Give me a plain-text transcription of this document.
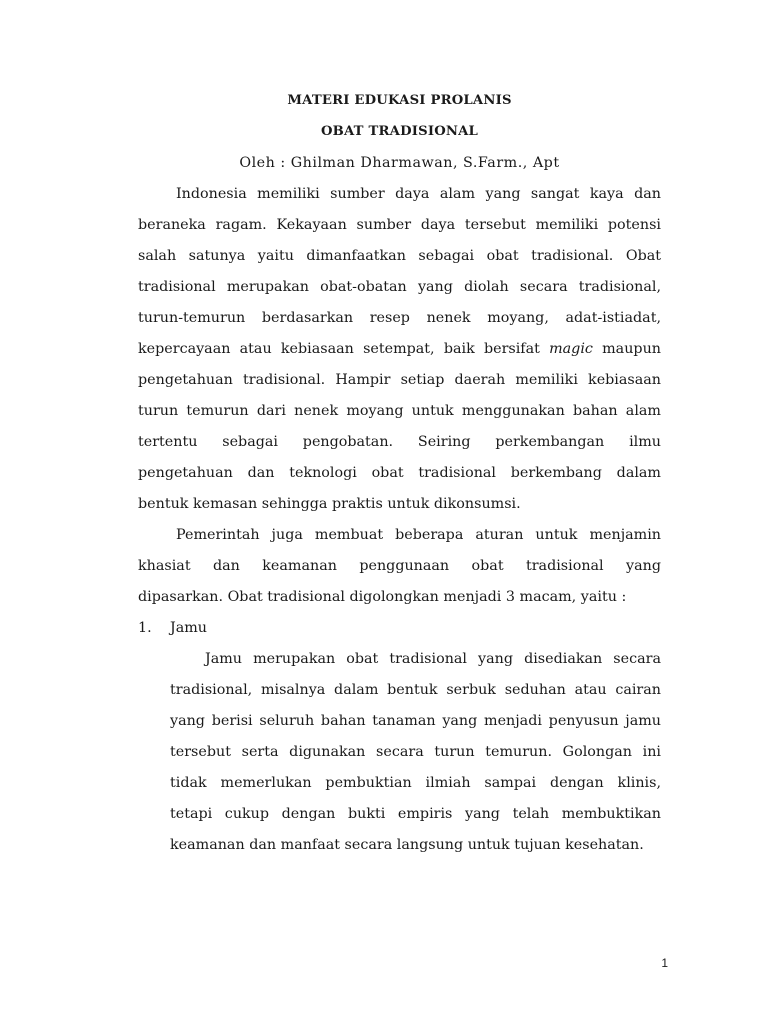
MATERI EDUKASI PROLANIS
OBAT TRADISIONAL
Oleh : Ghilman Dharmawan, S.Farm., Apt
Indonesia memiliki sumber daya alam yang sangat kaya dan
beraneka ragam. Kekayaan sumber daya tersebut memiliki potensi
salah satunya yaitu dimanfaatkan sebagai obat tradisional. Obat
tradisional merupakan obat-obatan yang diolah secara tradisional,
turun-temurun berdasarkan resep nenek moyang, adat-istiadat,
kepercayaan atau kebiasaan setempat, baik bersifat magic maupun
pengetahuan tradisional. Hampir setiap daerah memiliki kebiasaan
turun temurun dari nenek moyang untuk menggunakan bahan alam
tertentu sebagai pengobatan. Seiring perkembangan ilmu
pengetahuan dan teknologi obat tradisional berkembang dalam
bentuk kemasan sehingga praktis untuk dikonsumsi.
Pemerintah juga membuat beberapa aturan untuk menjamin
khasiat dan keamanan penggunaan obat tradisional yang
dipasarkan. Obat tradisional digolongkan menjadi 3 macam, yaitu :
1. Jamu
Jamu merupakan obat tradisional yang disediakan secara
tradisional, misalnya dalam bentuk serbuk seduhan atau cairan
yang berisi seluruh bahan tanaman yang menjadi penyusun jamu
tersebut serta digunakan secara turun temurun. Golongan ini
tidak memerlukan pembuktian ilmiah sampai dengan klinis,
tetapi cukup dengan bukti empiris yang telah membuktikan
keamanan dan manfaat secara langsung untuk tujuan kesehatan.
1
